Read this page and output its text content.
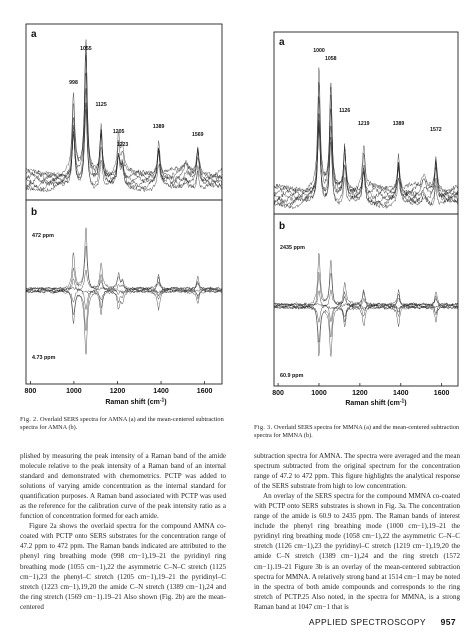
a
b
998
1055
1125
1205
1223
1389
1569
472 ppm
4.73 ppm
800	1000	1200	1400	1600
Raman shift $(cm^{-1})$
Fig. 2. Overlaid SERS spectra for AMNA (a) and the mean-centered subtraction spectra for AMNA (b).
a
b
1000
1058
1126
1219	1389
1572
2435 ppm
60.9 ppm
800	1000	1200	1400	1600
Raman shift $(cm^{-1})$
Fig. 3. Overlaid SERS spectra for MMNA (a) and the mean-centered subtraction spectra for MMNA (b).

plished by measuring the peak intensity of a Raman band of the amide molecule relative to the peak intensity of a Raman band of an internal standard and demonstrated with chemometrics. PCTP was added to solutions of varying amide concentration as the internal standard for quantification purposes. A Raman band associated with PCTP was used as the reference for the calibration curve of the peak intensity ratio as a function of concentration formed for each amide.

Figure 2a shows the overlaid spectra for the compound AMNA co-coated with PCTP onto SERS substrates for the concentration range of 47.2 ppm to 472 ppm. The Raman bands indicated are attributed to the phenyl ring breathing mode (998 cm−1),19–21 the pyridinyl ring breathing mode (1055 cm−1),22 the asymmetric C–N–C stretch (1125 cm−1),23 the phenyl–C stretch (1205 cm−1),19–21 the pyridinyl–C stretch (1223 cm−1),19,20 the amide C–N stretch (1389 cm−1),24 and the ring stretch (1569 cm−1).19–21 Also shown (Fig. 2b) are the mean-centered

subtraction spectra for AMNA. The spectra were averaged and the mean spectrum subtracted from the original spectrum for the concentration range of 47.2 to 472 ppm. This figure highlights the analytical response of the SERS substrate from high to low concentration.

An overlay of the SERS spectra for the compound MMNA co-coated with PCTP onto SERS substrates is shown in Fig. 3a. The concentration range of the amide is 60.9 to 2435 ppm. The Raman bands of interest include the phenyl ring breathing mode (1000 cm−1),19–21 the pyridinyl ring breathing mode (1058 cm−1),22 the asymmetric C–N–C stretch (1126 cm−1),23 the pyridinyl–C stretch (1219 cm−1),19,20 the amide C–N stretch (1389 cm−1),24 and the ring stretch (1572 cm−1).19–21 Figure 3b is an overlay of the mean-centered subtraction spectra for MMNA. A relatively strong band at 1514 cm−1 may be noted in the spectra of both amide compounds and corresponds to the ring stretch of PCTP.25 Also noted, in the spectra for MMNA, is a strong Raman band at 1047 cm−1 that is

APPLIED SPECTROSCOPY 957
